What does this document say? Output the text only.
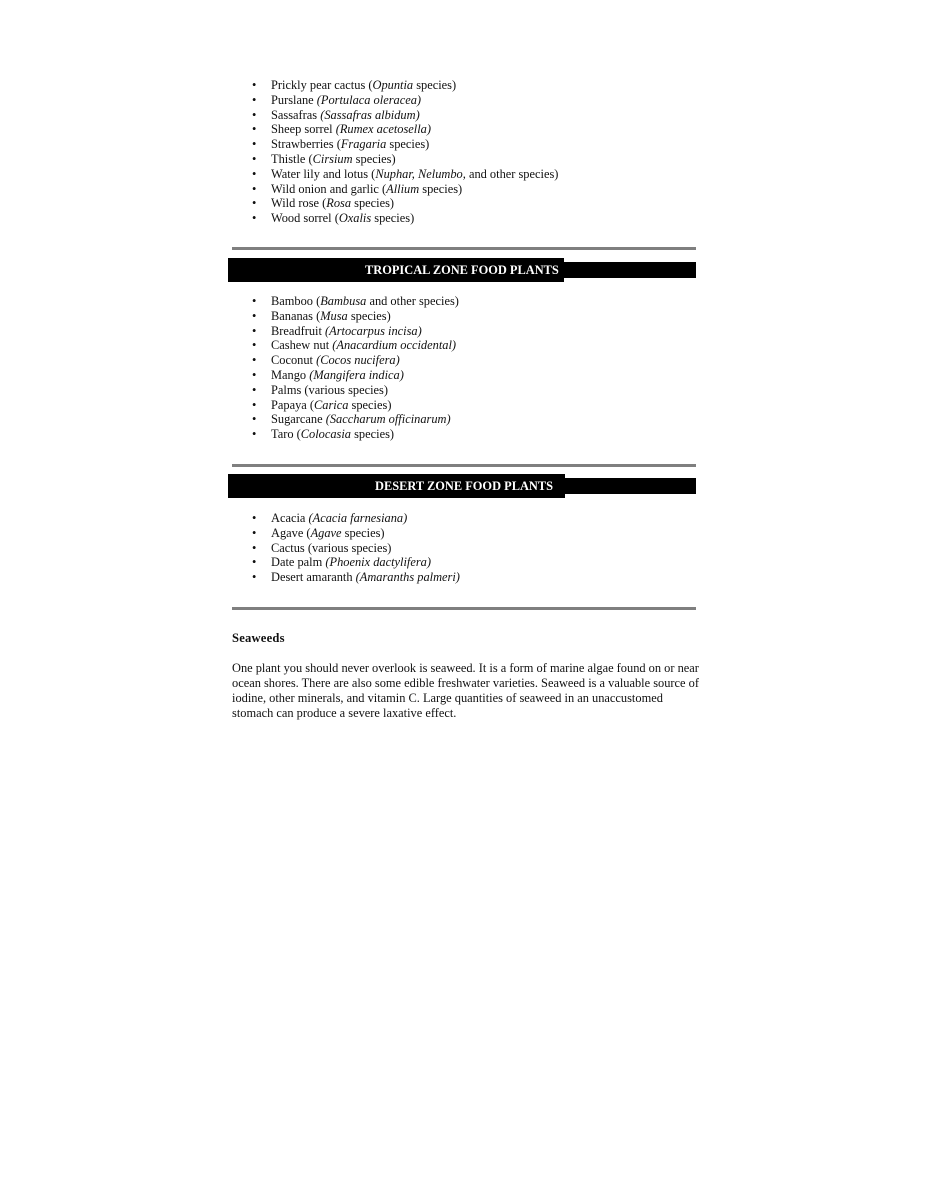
• Prickly pear cactus (Opuntia species)
• Purslane (Portulaca oleracea)
• Sassafras (Sassafras albidum)
• Sheep sorrel (Rumex acetosella)
• Strawberries (Fragaria species)
• Thistle (Cirsium species)
• Water lily and lotus (Nuphar, Nelumbo, and other species)
• Wild onion and garlic (Allium species)
• Wild rose (Rosa species)
• Wood sorrel (Oxalis species)
TROPICAL ZONE FOOD PLANTS
• Bamboo (Bambusa and other species)
• Bananas (Musa species)
• Breadfruit (Artocarpus incisa)
• Cashew nut (Anacardium occidental)
• Coconut (Cocos nucifera)
• Mango (Mangifera indica)
• Palms (various species)
• Papaya (Carica species)
• Sugarcane (Saccharum officinarum)
• Taro (Colocasia species)
DESERT ZONE FOOD PLANTS
• Acacia (Acacia farnesiana)
• Agave (Agave species)
• Cactus (various species)
• Date palm (Phoenix dactylifera)
• Desert amaranth (Amaranths palmeri)
Seaweeds

One plant you should never overlook is seaweed. It is a form of marine algae found on or near ocean shores. There are also some edible freshwater varieties. Seaweed is a valuable source of iodine, other minerals, and vitamin C. Large quantities of seaweed in an unaccustomed stomach can produce a severe laxative effect.
